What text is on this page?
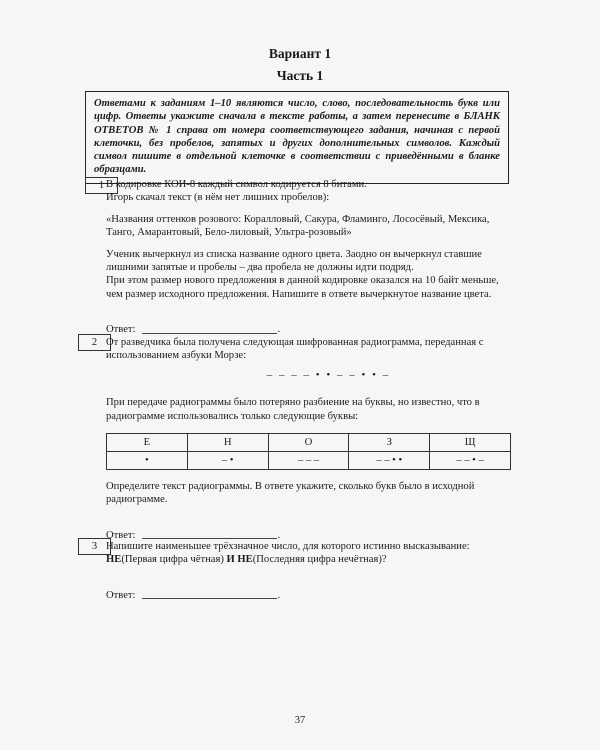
Вариант 1
Часть 1
Ответами к заданиям 1–10 являются число, слово, последовательность букв или цифр. Ответы укажите сначала в тексте работы, а затем перенесите в БЛАНК ОТВЕТОВ № 1 справа от номера соответствующего задания, начиная с первой клеточки, без пробелов, запятых и других дополнительных символов. Каждый символ пишите в отдельной клеточке в соответствии с приведёнными в бланке образцами.
1 В кодировке КОИ-8 каждый символ кодируется 8 битами.

Игорь скачал текст (в нём нет лишних пробелов):

«Названия оттенков розового: Коралловый, Сакура, Фламинго, Лососёвый, Мексика, Танго, Амарантовый, Бело-лиловый, Ультра-розовый»

Ученик вычеркнул из списка название одного цвета. Заодно он вычеркнул ставшие лишними запятые и пробелы – два пробела не должны идти подряд.

При этом размер нового предложения в данной кодировке оказался на 10 байт меньше, чем размер исходного предложения. Напишите в ответе вычеркнутое название цвета.

Ответ:	.
2 От разведчика была получена следующая шифрованная радиограмма, переданная с использованием азбуки Морзе:

– – – – • • – – • • –

При передаче радиограммы было потеряно разбиение на буквы, но известно, что в радиограмме использовались только следующие буквы:

Е	Н	О	З	Щ
•	– •	– – –	– – • •	– – • –

Определите текст радиограммы. В ответе укажите, сколько букв было в исходной радиограмме.

Ответ:	.
3 Напишите наименьшее трёхзначное число, для которого истинно высказывание:

НЕ(Первая цифра чётная) И НЕ(Последняя цифра нечётная)?

Ответ:	.
37
